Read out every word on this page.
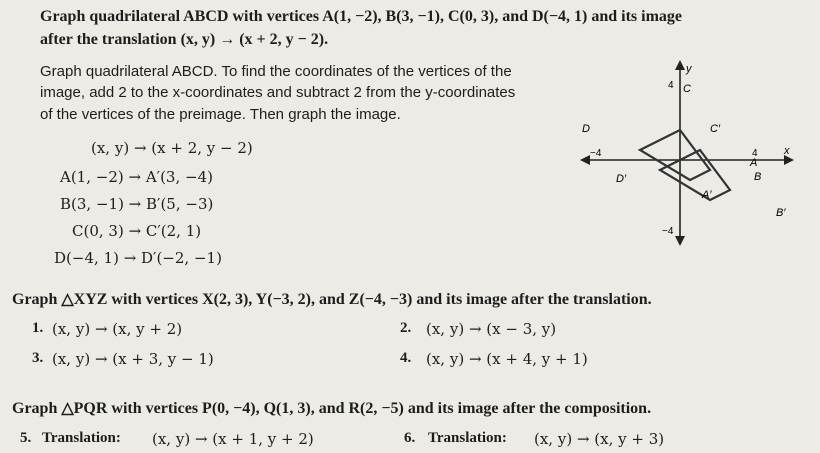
Graph quadrilateral ABCD with vertices A(1, −2), B(3, −1), C(0, 3), and D(−4, 1) and its image
after the translation (x, y) → (x + 2, y − 2).
Graph quadrilateral ABCD. To find the coordinates of the vertices of the
image, add 2 to the x-coordinates and subtract 2 from the y-coordinates
of the vertices of the preimage. Then graph the image.
(x, y) → (x + 2, y − 2)
A(1, −2) → A′(3, −4)
B(3, −1) → B′(5, −3)
C(0, 3) → C′(2, 1)
D(−4, 1) → D′(−2, −1)
y
x
4
−4
−4
4
C
D	C′
A
D′	B
A′
B′
Graph △XYZ with vertices X(2, 3), Y(−3, 2), and Z(−4, −3) and its image after the translation.
1. (x, y) → (x, y + 2)	2. (x, y) → (x − 3, y)
3. (x, y) → (x + 3, y − 1)	4. (x, y) → (x + 4, y + 1)
Graph △PQR with vertices P(0, −4), Q(1, 3), and R(2, −5) and its image after the composition.
5. Translation: (x, y) → (x + 1, y + 2)	6. Translation: (x, y) → (x, y + 3)
